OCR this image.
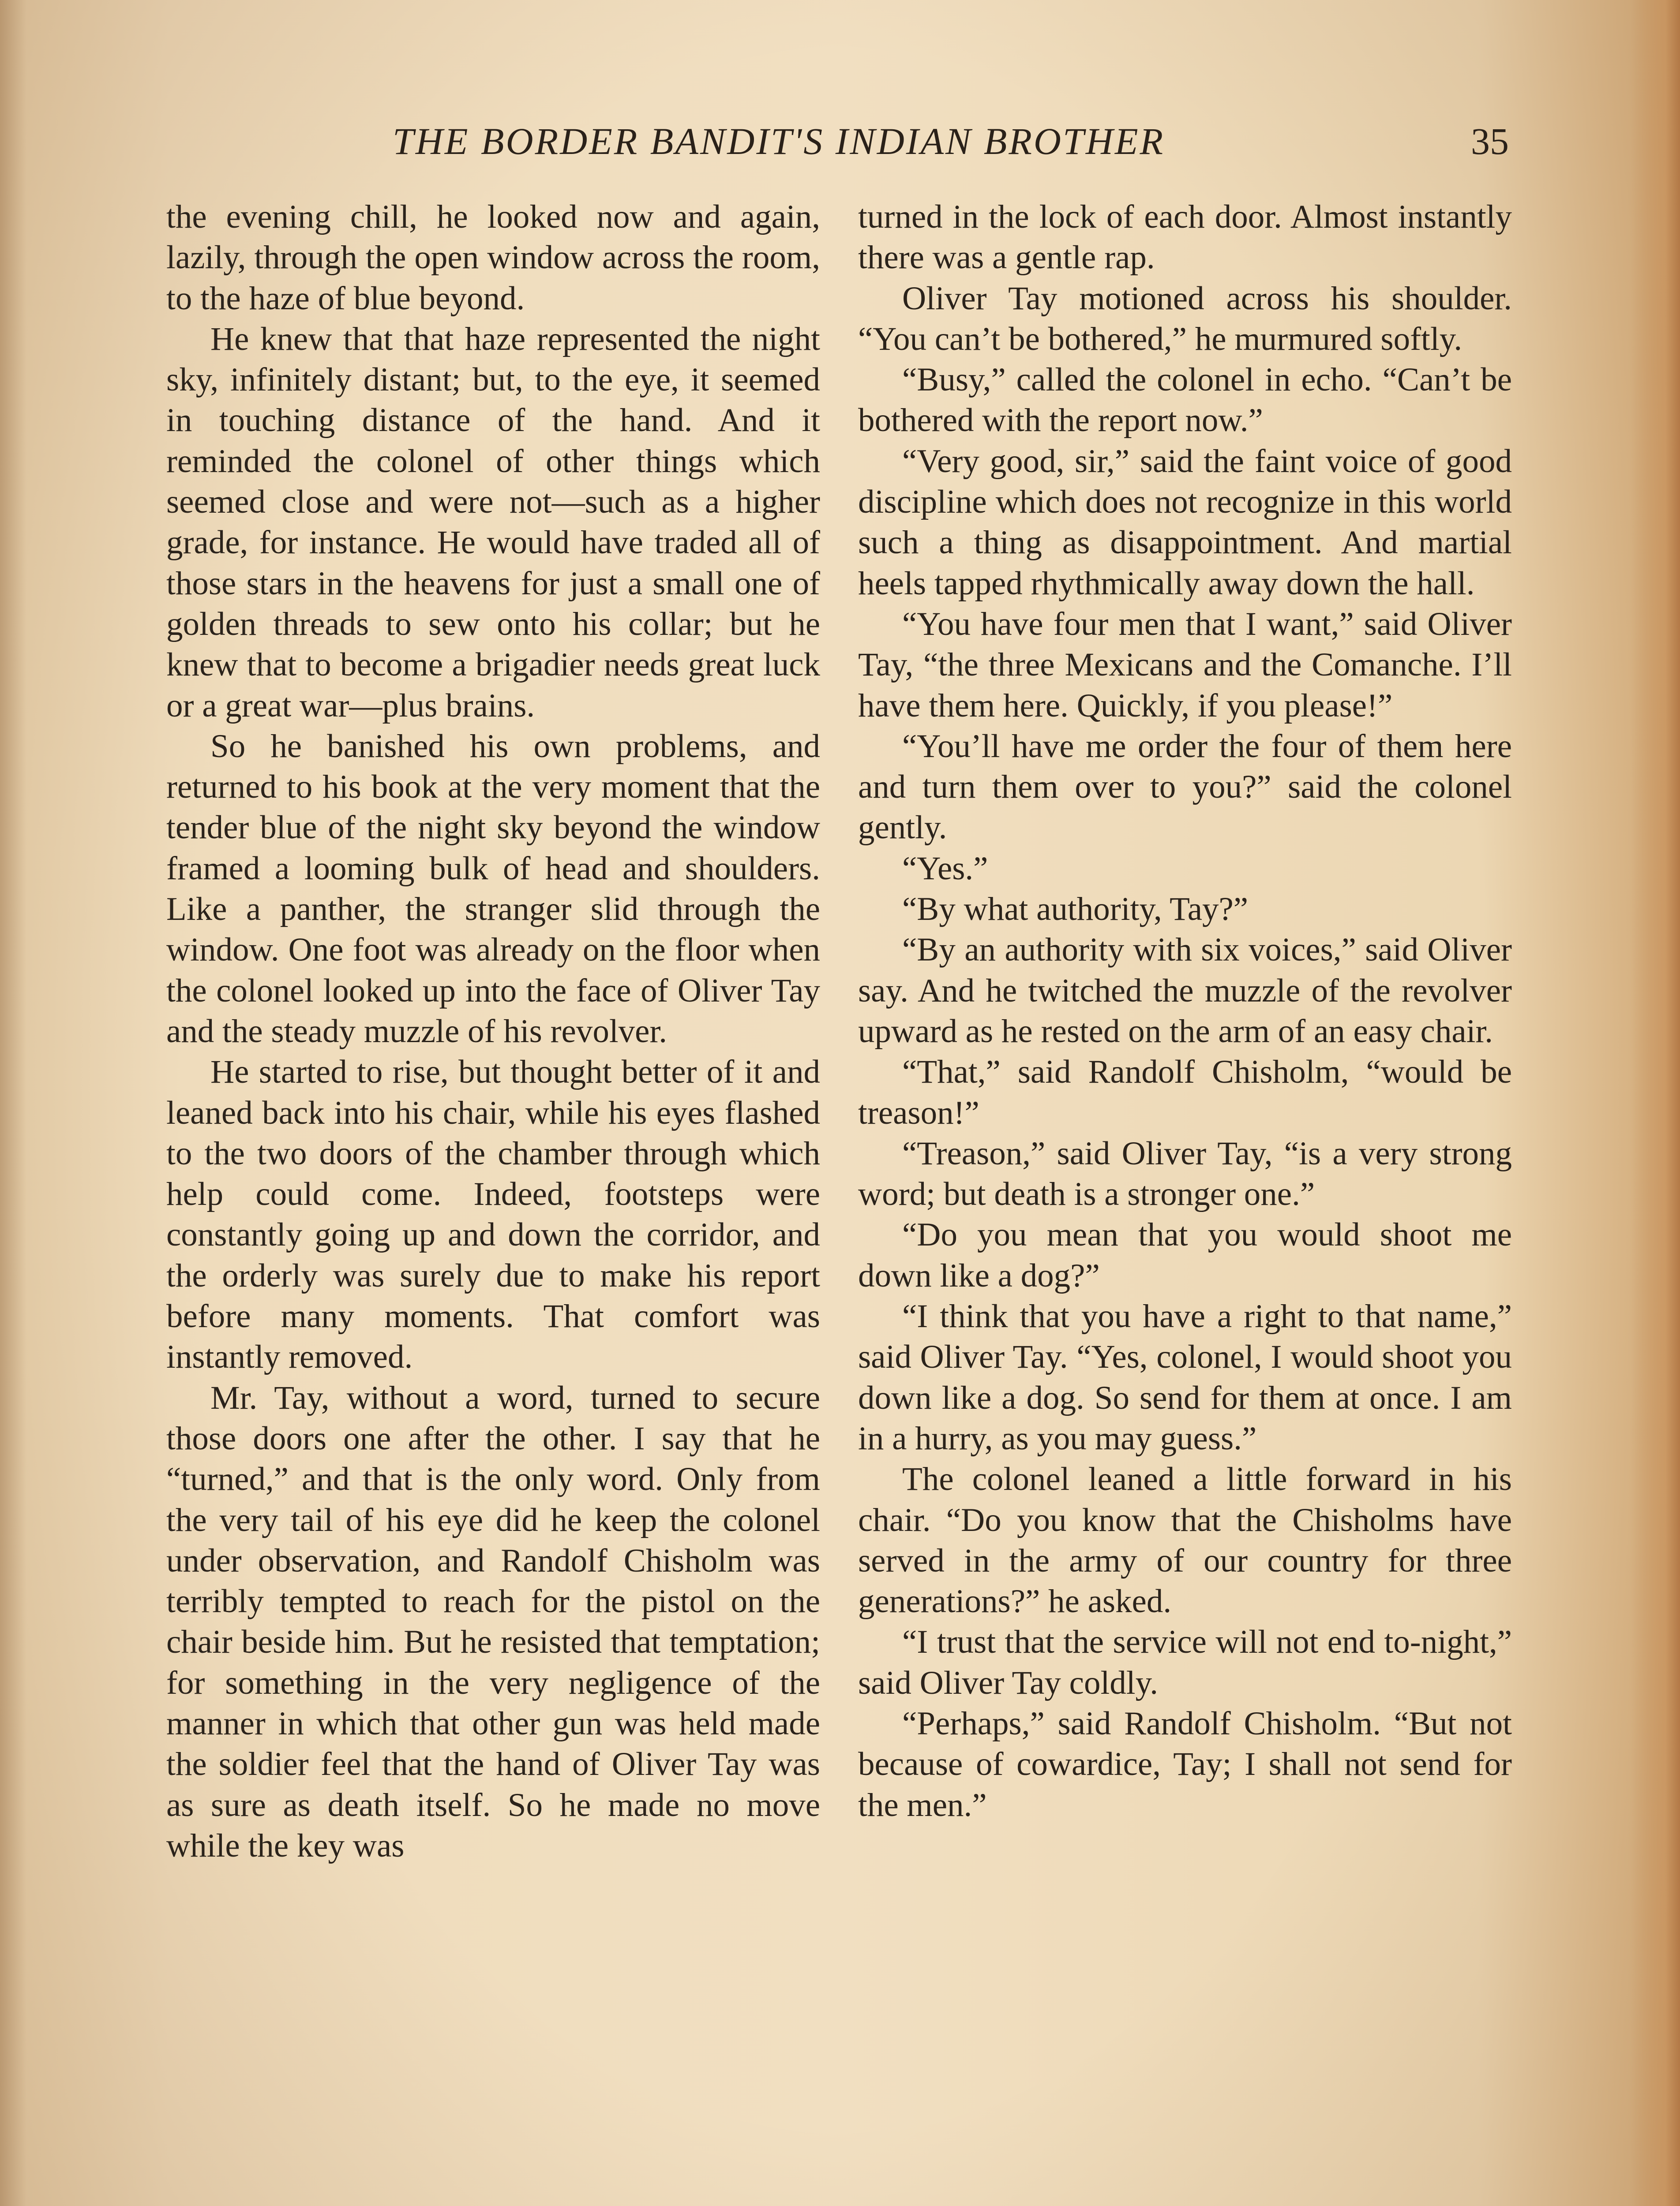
THE BORDER BANDIT'S INDIAN BROTHER	35

the evening chill, he looked now and again, lazily, through the open window across the room, to the haze of blue beyond.

He knew that that haze represented the night sky, infinitely distant; but, to the eye, it seemed in touching distance of the hand. And it reminded the colonel of other things which seemed close and were not—such as a higher grade, for instance. He would have traded all of those stars in the heavens for just a small one of golden threads to sew onto his collar; but he knew that to become a brigadier needs great luck or a great war—plus brains.

So he banished his own problems, and returned to his book at the very moment that the tender blue of the night sky beyond the window framed a looming bulk of head and shoulders. Like a panther, the stranger slid through the window. One foot was already on the floor when the colonel looked up into the face of Oliver Tay and the steady muzzle of his revolver.

He started to rise, but thought better of it and leaned back into his chair, while his eyes flashed to the two doors of the chamber through which help could come. Indeed, footsteps were constantly going up and down the corridor, and the orderly was surely due to make his report before many moments. That comfort was instantly removed.

Mr. Tay, without a word, turned to secure those doors one after the other. I say that he “turned,” and that is the only word. Only from the very tail of his eye did he keep the colonel under observation, and Randolf Chisholm was terribly tempted to reach for the pistol on the chair beside him. But he resisted that temptation; for something in the very negligence of the manner in which that other gun was held made the soldier feel that the hand of Oliver Tay was as sure as death itself. So he made no move while the key was

turned in the lock of each door. Almost instantly there was a gentle rap.

Oliver Tay motioned across his shoulder. “You can’t be bothered,” he murmured softly.

“Busy,” called the colonel in echo. “Can’t be bothered with the report now.”

“Very good, sir,” said the faint voice of good discipline which does not recognize in this world such a thing as disappointment. And martial heels tapped rhythmically away down the hall.

“You have four men that I want,” said Oliver Tay, “the three Mexicans and the Comanche. I’ll have them here. Quickly, if you please!”

“You’ll have me order the four of them here and turn them over to you?” said the colonel gently.

“Yes.”

“By what authority, Tay?”

“By an authority with six voices,” said Oliver say. And he twitched the muzzle of the revolver upward as he rested on the arm of an easy chair.

“That,” said Randolf Chisholm, “would be treason!”

“Treason,” said Oliver Tay, “is a very strong word; but death is a stronger one.”

“Do you mean that you would shoot me down like a dog?”

“I think that you have a right to that name,” said Oliver Tay. “Yes, colonel, I would shoot you down like a dog. So send for them at once. I am in a hurry, as you may guess.”

The colonel leaned a little forward in his chair. “Do you know that the Chisholms have served in the army of our country for three generations?” he asked.

“I trust that the service will not end to-night,” said Oliver Tay coldly.

“Perhaps,” said Randolf Chisholm. “But not because of cowardice, Tay; I shall not send for the men.”
